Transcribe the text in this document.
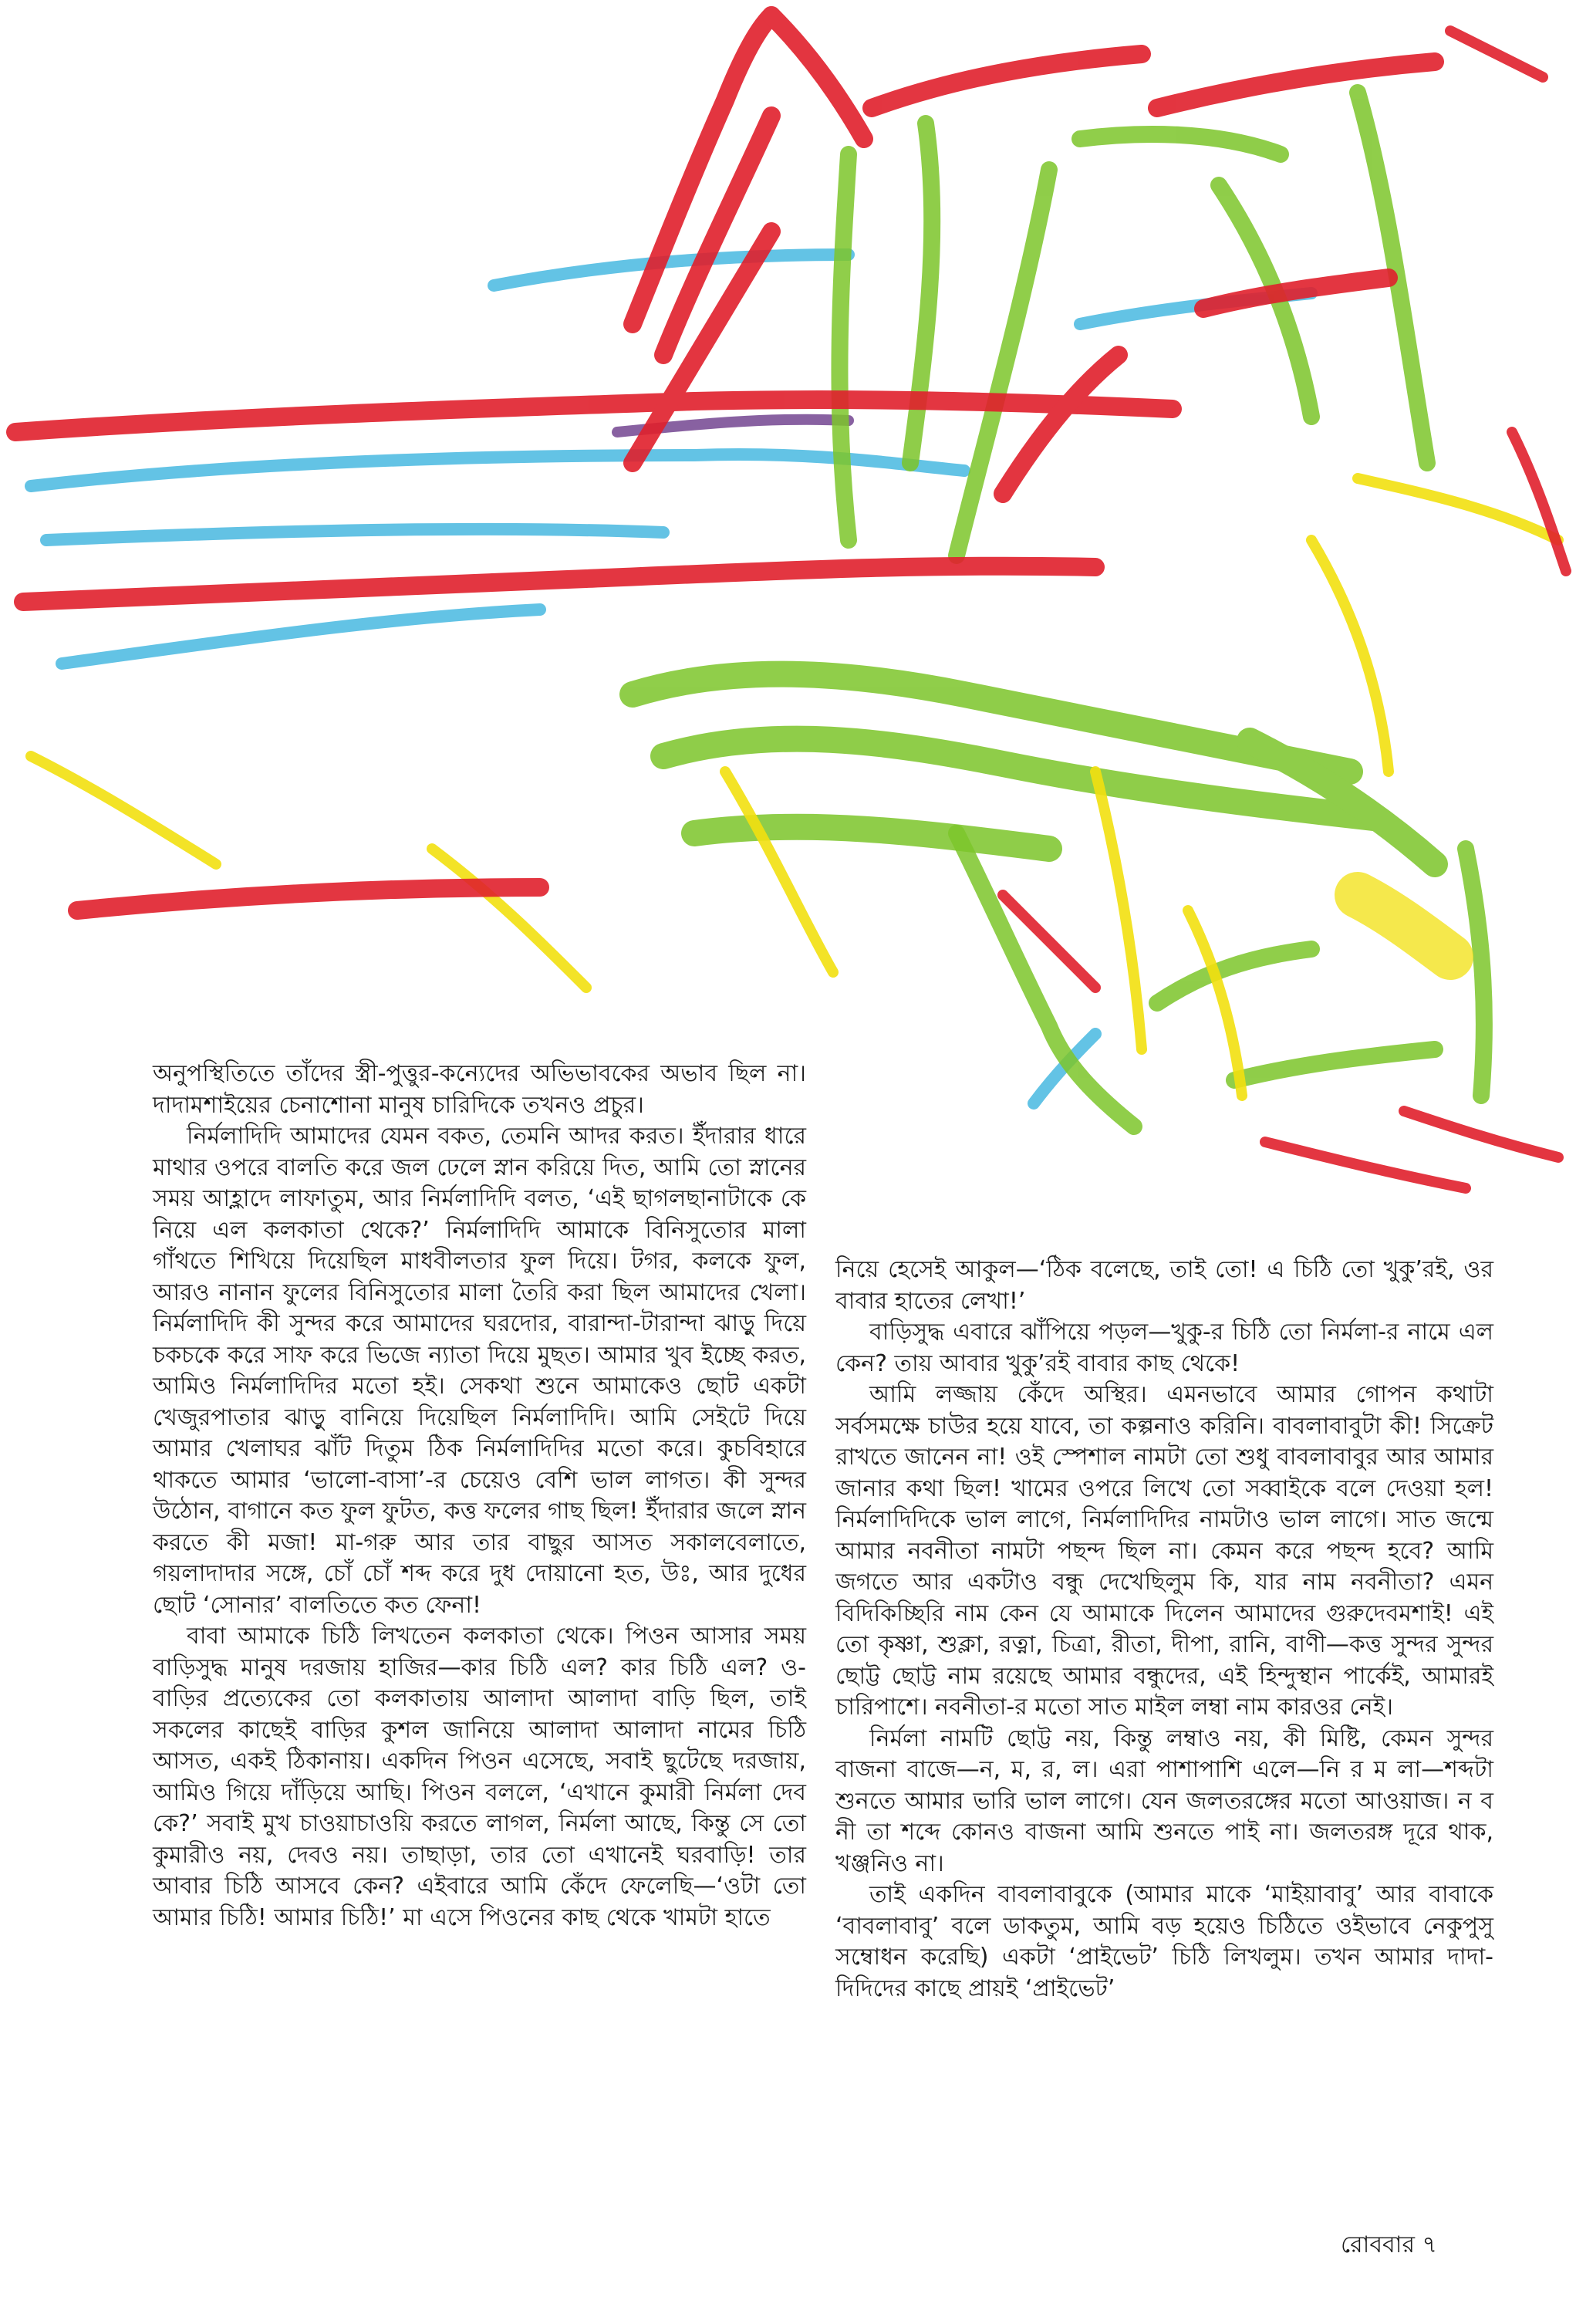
অনুপস্থিতিতে তাঁদের স্ত্রী-পুত্তুর-কন্যেদের অভিভাবকের অভাব ছিল না। দাদামশাইয়ের চেনাশোনা মানুষ চারিদিকে তখনও প্রচুর।

নির্মলাদিদি আমাদের যেমন বকত, তেমনি আদর করত। ইঁদারার ধারে মাথার ওপরে বালতি করে জল ঢেলে স্নান করিয়ে দিত, আমি তো স্নানের সময় আহ্লাদে লাফাতুম, আর নির্মলাদিদি বলত, ‘এই ছাগলছানাটাকে কে নিয়ে এল কলকাতা থেকে?’ নির্মলাদিদি আমাকে বিনিসুতোর মালা গাঁথতে শিখিয়ে দিয়েছিল মাধবীলতার ফুল দিয়ে। টগর, কলকে ফুল, আরও নানান ফুলের বিনিসুতোর মালা তৈরি করা ছিল আমাদের খেলা। নির্মলাদিদি কী সুন্দর করে আমাদের ঘরদোর, বারান্দা-টারান্দা ঝাড়ু দিয়ে চকচকে করে সাফ করে ভিজে ন্যাতা দিয়ে মুছত। আমার খুব ইচ্ছে করত, আমিও নির্মলাদিদির মতো হই। সেকথা শুনে আমাকেও ছোট একটা খেজুরপাতার ঝাড়ু বানিয়ে দিয়েছিল নির্মলাদিদি। আমি সেইটে দিয়ে আমার খেলাঘর ঝাঁট দিতুম ঠিক নির্মলাদিদির মতো করে। কুচবিহারে থাকতে আমার ‘ভালো-বাসা’-র চেয়েও বেশি ভাল লাগত। কী সুন্দর উঠোন, বাগানে কত ফুল ফুটত, কত্ত ফলের গাছ ছিল! ইঁদারার জলে স্নান করতে কী মজা! মা-গরু আর তার বাছুর আসত সকালবেলাতে, গয়লাদাদার সঙ্গে, চোঁ চোঁ শব্দ করে দুধ দোয়ানো হত, উঃ, আর দুধের ছোট ‘সোনার’ বালতিতে কত ফেনা!

বাবা আমাকে চিঠি লিখতেন কলকাতা থেকে। পিওন আসার সময় বাড়িসুদ্ধ মানুষ দরজায় হাজির—কার চিঠি এল? কার চিঠি এল? ও-বাড়ির প্রত্যেকের তো কলকাতায় আলাদা আলাদা বাড়ি ছিল, তাই সকলের কাছেই বাড়ির কুশল জানিয়ে আলাদা আলাদা নামের চিঠি আসত, একই ঠিকানায়। একদিন পিওন এসেছে, সবাই ছুটেছে দরজায়, আমিও গিয়ে দাঁড়িয়ে আছি। পিওন বললে, ‘এখানে কুমারী নির্মলা দেব কে?’ সবাই মুখ চাওয়াচাওয়ি করতে লাগল, নির্মলা আছে, কিন্তু সে তো কুমারীও নয়, দেবও নয়। তাছাড়া, তার তো এখানেই ঘরবাড়ি! তার আবার চিঠি আসবে কেন? এইবারে আমি কেঁদে ফেলেছি—‘ওটা তো আমার চিঠি! আমার চিঠি!’ মা এসে পিওনের কাছ থেকে খামটা হাতে

নিয়ে হেসেই আকুল—‘ঠিক বলেছে, তাই তো! এ চিঠি তো খুকু’রই, ওর বাবার হাতের লেখা!’

বাড়িসুদ্ধ এবারে ঝাঁপিয়ে পড়ল—খুকু-র চিঠি তো নির্মলা-র নামে এল কেন? তায় আবার খুকু’রই বাবার কাছ থেকে!

আমি লজ্জায় কেঁদে অস্থির। এমনভাবে আমার গোপন কথাটা সর্বসমক্ষে চাউর হয়ে যাবে, তা কল্পনাও করিনি। বাবলাবাবুটা কী! সিক্রেট রাখতে জানেন না! ওই স্পেশাল নামটা তো শুধু বাবলাবাবুর আর আমার জানার কথা ছিল! খামের ওপরে লিখে তো সব্বাইকে বলে দেওয়া হল! নির্মলাদিদিকে ভাল লাগে, নির্মলাদিদির নামটাও ভাল লাগে। সাত জন্মে আমার নবনীতা নামটা পছন্দ ছিল না। কেমন করে পছন্দ হবে? আমি জগতে আর একটাও বন্ধু দেখেছিলুম কি, যার নাম নবনীতা? এমন বিদিকিচ্ছিরি নাম কেন যে আমাকে দিলেন আমাদের গুরুদেবমশাই! এই তো কৃষ্ণা, শুক্লা, রত্না, চিত্রা, রীতা, দীপা, রানি, বাণী—কত্ত সুন্দর সুন্দর ছোট্ট ছোট্ট নাম রয়েছে আমার বন্ধুদের, এই হিন্দুস্থান পার্কেই, আমারই চারিপাশে। নবনীতা-র মতো সাত মাইল লম্বা নাম কারওর নেই।

নির্মলা নামটি ছোট্ট নয়, কিন্তু লম্বাও নয়, কী মিষ্টি, কেমন সুন্দর বাজনা বাজে—ন, ম, র, ল। এরা পাশাপাশি এলে—নি র ম লা—শব্দটা শুনতে আমার ভারি ভাল লাগে। যেন জলতরঙ্গের মতো আওয়াজ। ন ব নী তা শব্দে কোনও বাজনা আমি শুনতে পাই না। জলতরঙ্গ দূরে থাক, খঞ্জনিও না।

তাই একদিন বাবলাবাবুকে (আমার মাকে ‘মাইয়াবাবু’ আর বাবাকে ‘বাবলাবাবু’ বলে ডাকতুম, আমি বড় হয়েও চিঠিতে ওইভাবে নেকুপুসু সম্বোধন করেছি) একটা ‘প্রাইভেট’ চিঠি লিখলুম। তখন আমার দাদা-দিদিদের কাছে প্রায়ই ‘প্রাইভেট’

রোববার ৭
